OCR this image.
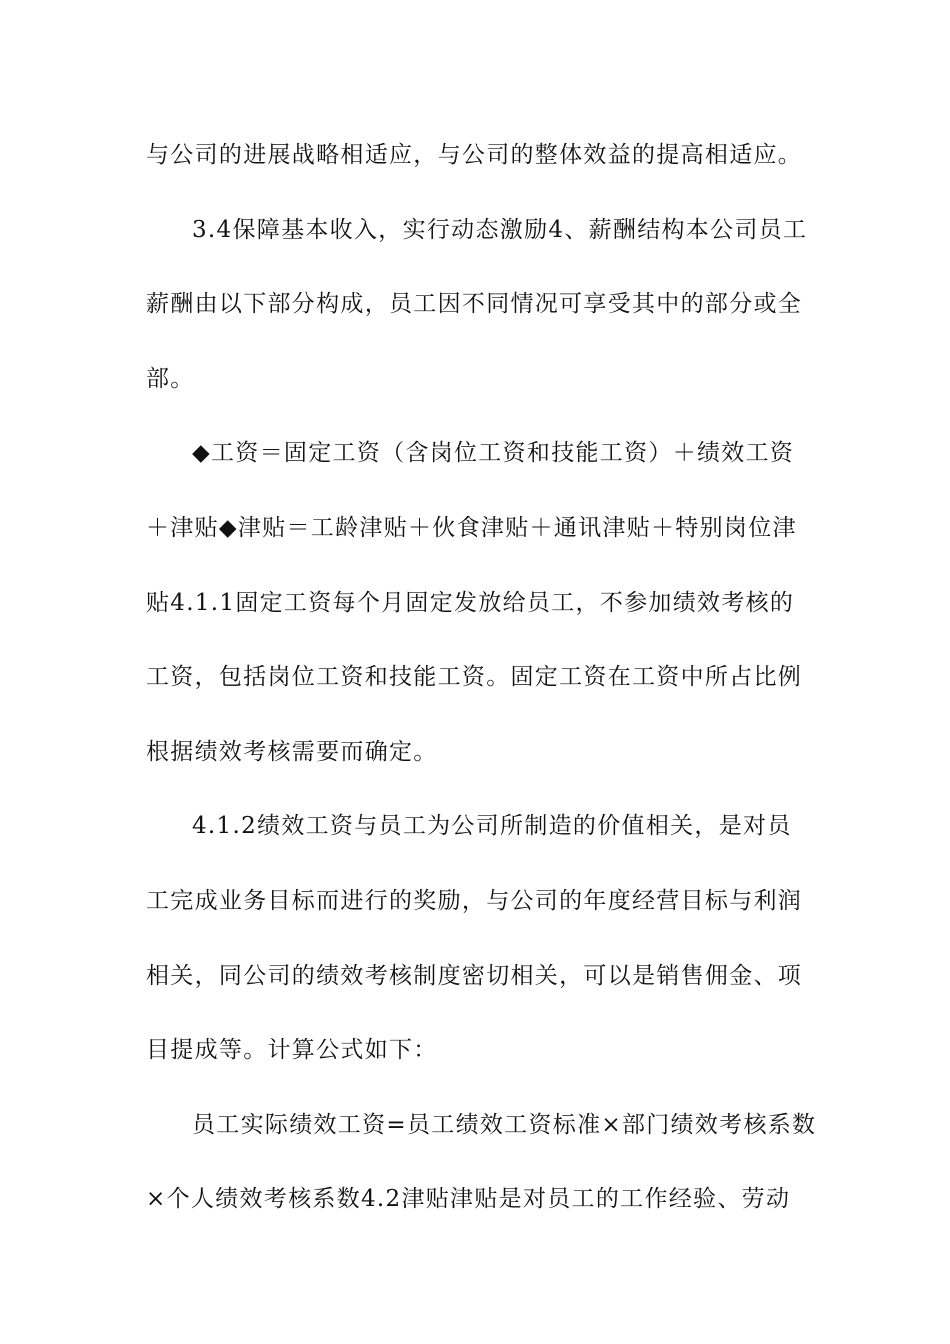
与公司的进展战略相适应，与公司的整体效益的提高相适应。
3.4保障基本收入，实行动态激励4、薪酬结构本公司员工
薪酬由以下部分构成，员工因不同情况可享受其中的部分或全
部。
◆工资＝固定工资（含岗位工资和技能工资）＋绩效工资
＋津贴◆津贴＝工龄津贴＋伙食津贴＋通讯津贴＋特别岗位津
贴4.1.1固定工资每个月固定发放给员工，不参加绩效考核的
工资，包括岗位工资和技能工资。固定工资在工资中所占比例
根据绩效考核需要而确定。
4.1.2绩效工资与员工为公司所制造的价值相关，是对员
工完成业务目标而进行的奖励，与公司的年度经营目标与利润
相关，同公司的绩效考核制度密切相关，可以是销售佣金、项
目提成等。计算公式如下：
员工实际绩效工资=员工绩效工资标准×部门绩效考核系数
×个人绩效考核系数4.2津贴津贴是对员工的工作经验、劳动
